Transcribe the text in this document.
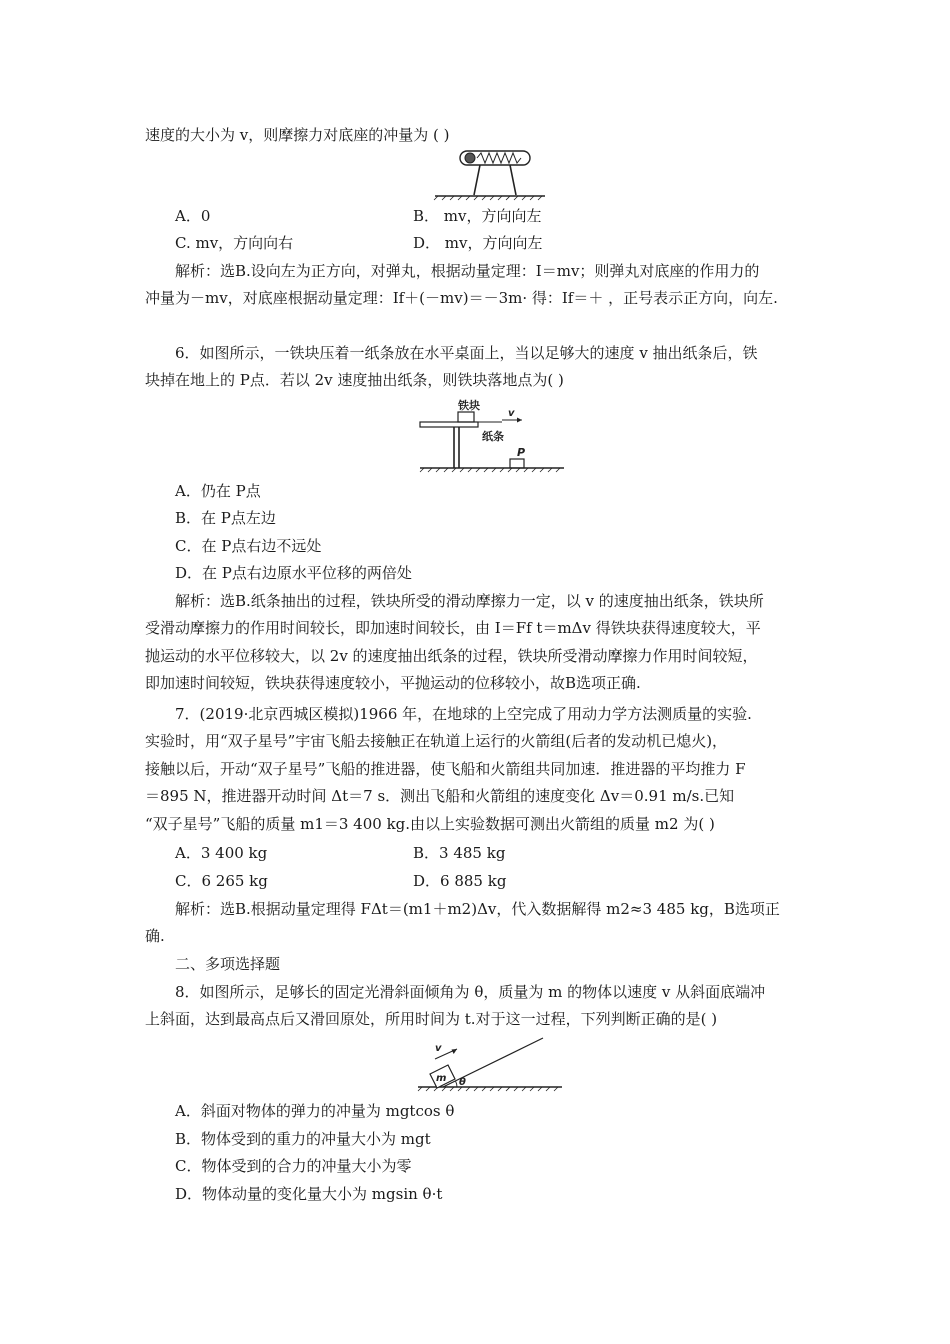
速度的大小为 v，则摩擦力对底座的冲量为 ( )
A．0	B． mv，方向向左
C. mv，方向向右	D． mv，方向向左
解析：选B.设向左为正方向，对弹丸，根据动量定理：I＝mv；则弹丸对底座的作用力的
冲量为－mv，对底座根据动量定理：If＋(－mv)＝－3m· 得：If＝＋ ，正号表示正方向，向左.
6．如图所示，一铁块压着一纸条放在水平桌面上，当以足够大的速度 v 抽出纸条后，铁
块掉在地上的 P点．若以 2v 速度抽出纸条，则铁块落地点为( )
铁块
v
纸条
P
A．仍在 P点
B．在 P点左边
C．在 P点右边不远处
D．在 P点右边原水平位移的两倍处
解析：选B.纸条抽出的过程，铁块所受的滑动摩擦力一定，以 v 的速度抽出纸条，铁块所
受滑动摩擦力的作用时间较长，即加速时间较长，由 I＝Ff t＝mΔv 得铁块获得速度较大，平
抛运动的水平位移较大，以 2v 的速度抽出纸条的过程，铁块所受滑动摩擦力作用时间较短，
即加速时间较短，铁块获得速度较小，平抛运动的位移较小，故B选项正确.
7．(2019·北京西城区模拟)1966 年，在地球的上空完成了用动力学方法测质量的实验.
实验时，用“双子星号”宇宙飞船去接触正在轨道上运行的火箭组(后者的发动机已熄火)，
接触以后，开动“双子星号”飞船的推进器，使飞船和火箭组共同加速．推进器的平均推力 F
＝895 N，推进器开动时间 Δt＝7 s．测出飞船和火箭组的速度变化 Δv＝0.91 m/s.已知
“双子星号”飞船的质量 m1＝3 400 kg.由以上实验数据可测出火箭组的质量 m2 为( )
A．3 400 kg	B．3 485 kg
C．6 265 kg	D．6 885 kg
解析：选B.根据动量定理得 FΔt＝(m1＋m2)Δv，代入数据解得 m2≈3 485 kg，B选项正
确.
二、多项选择题
8．如图所示，足够长的固定光滑斜面倾角为 θ，质量为 m 的物体以速度 v 从斜面底端冲
上斜面，达到最高点后又滑回原处，所用时间为 t.对于这一过程，下列判断正确的是( )
m θ
v
A．斜面对物体的弹力的冲量为 mgtcos θ
B．物体受到的重力的冲量大小为 mgt
C．物体受到的合力的冲量大小为零
D．物体动量的变化量大小为 mgsin θ·t
